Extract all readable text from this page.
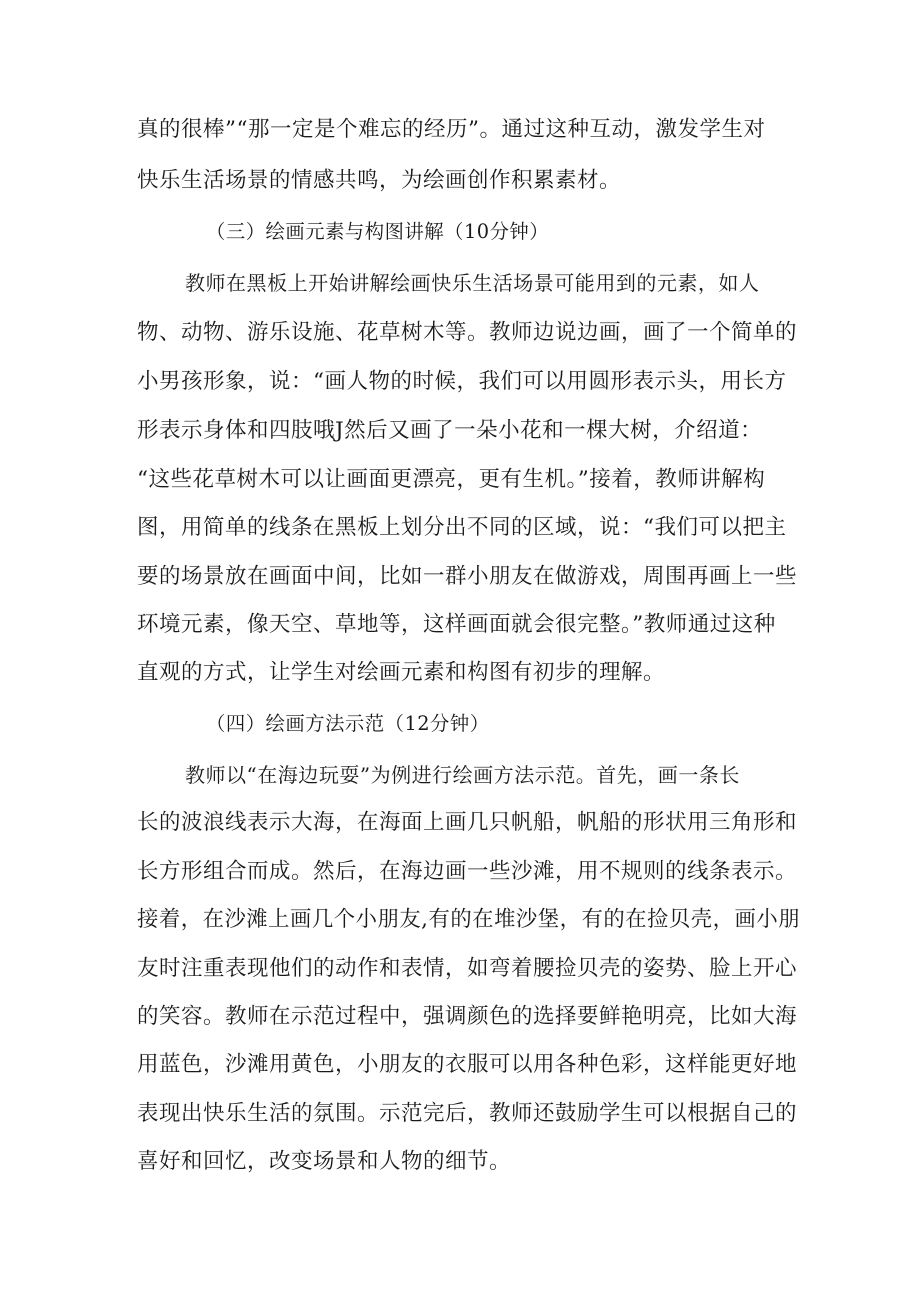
真的很棒”“那一定是个难忘的经历”。通过这种互动，激发学生对
快乐生活场景的情感共鸣，为绘画创作积累素材。
（三）绘画元素与构图讲解（10分钟）
教师在黑板上开始讲解绘画快乐生活场景可能用到的元素，如人
物、动物、游乐设施、花草树木等。教师边说边画，画了一个简单的
小男孩形象，说：“画人物的时候，我们可以用圆形表示头，用长方
形表示身体和四肢哦J然后又画了一朵小花和一棵大树，介绍道：
“这些花草树木可以让画面更漂亮，更有生机。”接着，教师讲解构
图，用简单的线条在黑板上划分出不同的区域，说：“我们可以把主
要的场景放在画面中间，比如一群小朋友在做游戏，周围再画上一些
环境元素，像天空、草地等，这样画面就会很完整。”教师通过这种
直观的方式，让学生对绘画元素和构图有初步的理解。
（四）绘画方法示范（12分钟）
教师以“在海边玩耍”为例进行绘画方法示范。首先，画一条长
长的波浪线表示大海，在海面上画几只帆船，帆船的形状用三角形和
长方形组合而成。然后，在海边画一些沙滩，用不规则的线条表示。
接着，在沙滩上画几个小朋友,有的在堆沙堡，有的在捡贝壳，画小朋
友时注重表现他们的动作和表情，如弯着腰捡贝壳的姿势、脸上开心
的笑容。教师在示范过程中，强调颜色的选择要鲜艳明亮，比如大海
用蓝色，沙滩用黄色，小朋友的衣服可以用各种色彩，这样能更好地
表现出快乐生活的氛围。示范完后，教师还鼓励学生可以根据自己的
喜好和回忆，改变场景和人物的细节。
